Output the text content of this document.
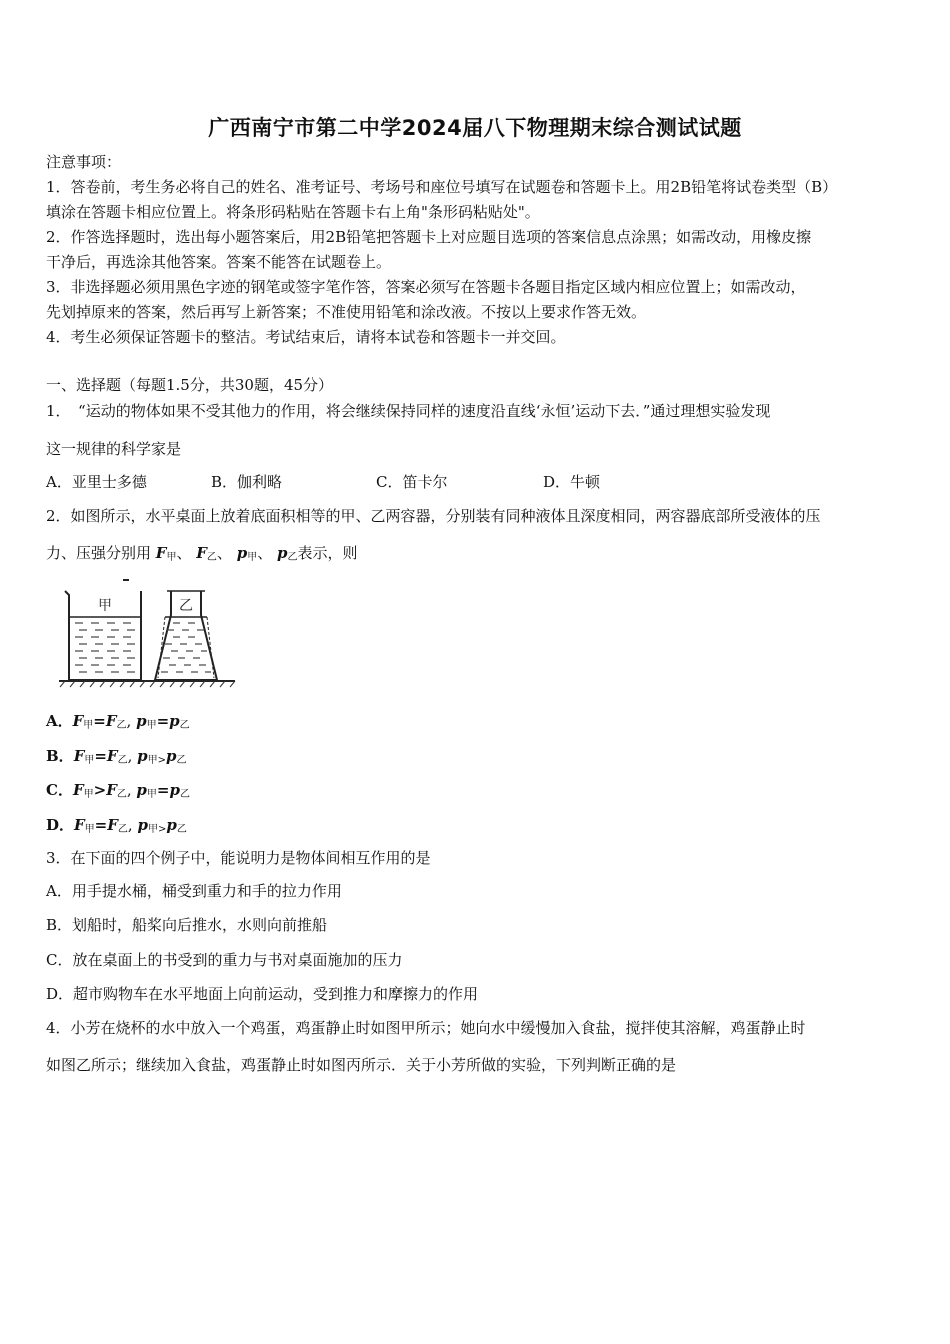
广西南宁市第二中学2024届八下物理期末综合测试试题
注意事项：
1．答卷前，考生务必将自己的姓名、准考证号、考场号和座位号填写在试题卷和答题卡上。用2B铅笔将试卷类型（B）
填涂在答题卡相应位置上。将条形码粘贴在答题卡右上角"条形码粘贴处"。
2．作答选择题时，选出每小题答案后，用2B铅笔把答题卡上对应题目选项的答案信息点涂黑；如需改动，用橡皮擦
干净后，再选涂其他答案。答案不能答在试题卷上。
3．非选择题必须用黑色字迹的钢笔或签字笔作答，答案必须写在答题卡各题目指定区域内相应位置上；如需改动，
先划掉原来的答案，然后再写上新答案；不准使用铅笔和涂改液。不按以上要求作答无效。
4．考生必须保证答题卡的整洁。考试结束后，请将本试卷和答题卡一并交回。
一、选择题（每题1.5分，共30题，45分）
1．　“运动的物体如果不受其他力的作用，将会继续保持同样的速度沿直线‘永恒’运动下去．”通过理想实验发现
这一规律的科学家是
A．亚里士多德	B．伽利略	C．笛卡尔	D．牛顿
2．如图所示，水平桌面上放着底面积相等的甲、乙两容器，分别装有同种液体且深度相同，两容器底部所受液体的压
力、压强分别用 $F_甲$、 $F_乙$、 $p_甲$、 $p_乙$表示，则
甲	乙
A．$F_甲=F_乙$, $p_甲=p_乙$
B．$F_甲=F_乙$, $p_{甲>}p_乙$
C．$F_甲>F_乙$, $p_甲=p_乙$
D．$F_甲=F_乙$, $p_{甲>}p_乙$
3．在下面的四个例子中，能说明力是物体间相互作用的是
A．用手提水桶，桶受到重力和手的拉力作用
B．划船时，船桨向后推水，水则向前推船
C．放在桌面上的书受到的重力与书对桌面施加的压力
D．超市购物车在水平地面上向前运动，受到推力和摩擦力的作用
4．小芳在烧杯的水中放入一个鸡蛋，鸡蛋静止时如图甲所示；她向水中缓慢加入食盐，搅拌使其溶解，鸡蛋静止时
如图乙所示；继续加入食盐，鸡蛋静止时如图丙所示．关于小芳所做的实验，下列判断正确的是
